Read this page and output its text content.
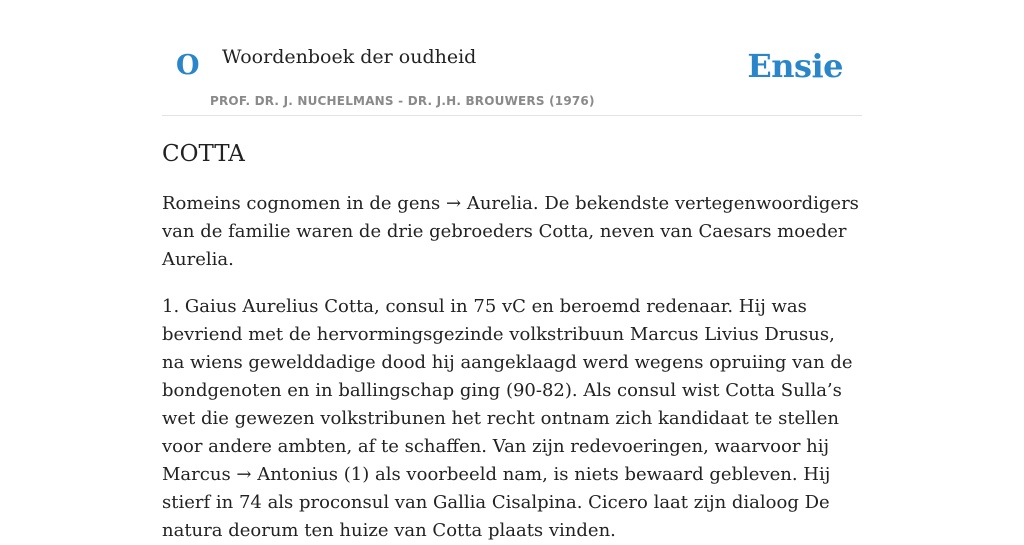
O Woordenboek der oudheid
PROF. DR. J. NUCHELMANS - DR. J.H. BROUWERS (1976)
Ensie
COTTA

Romeins cognomen in de gens → Aurelia. De bekendste vertegenwoordigers van de familie waren de drie gebroeders Cotta, neven van Caesars moeder Aurelia.

1. Gaius Aurelius Cotta, consul in 75 vC en beroemd redenaar. Hij was bevriend met de hervormingsgezinde volkstribuun Marcus Livius Drusus, na wiens gewelddadige dood hij aangeklaagd werd wegens opruiing van de bondgenoten en in ballingschap ging (90-82). Als consul wist Cotta Sulla’s wet die gewezen volkstribunen het recht ontnam zich kandidaat te stellen voor andere ambten, af te schaffen. Van zijn redevoeringen, waarvoor hij Marcus → Antonius (1) als voorbeeld nam, is niets bewaard gebleven. Hij stierf in 74 als proconsul van Gallia Cisalpina. Cicero laat zijn dialoog De natura deorum ten huize van Cotta plaats vinden.
